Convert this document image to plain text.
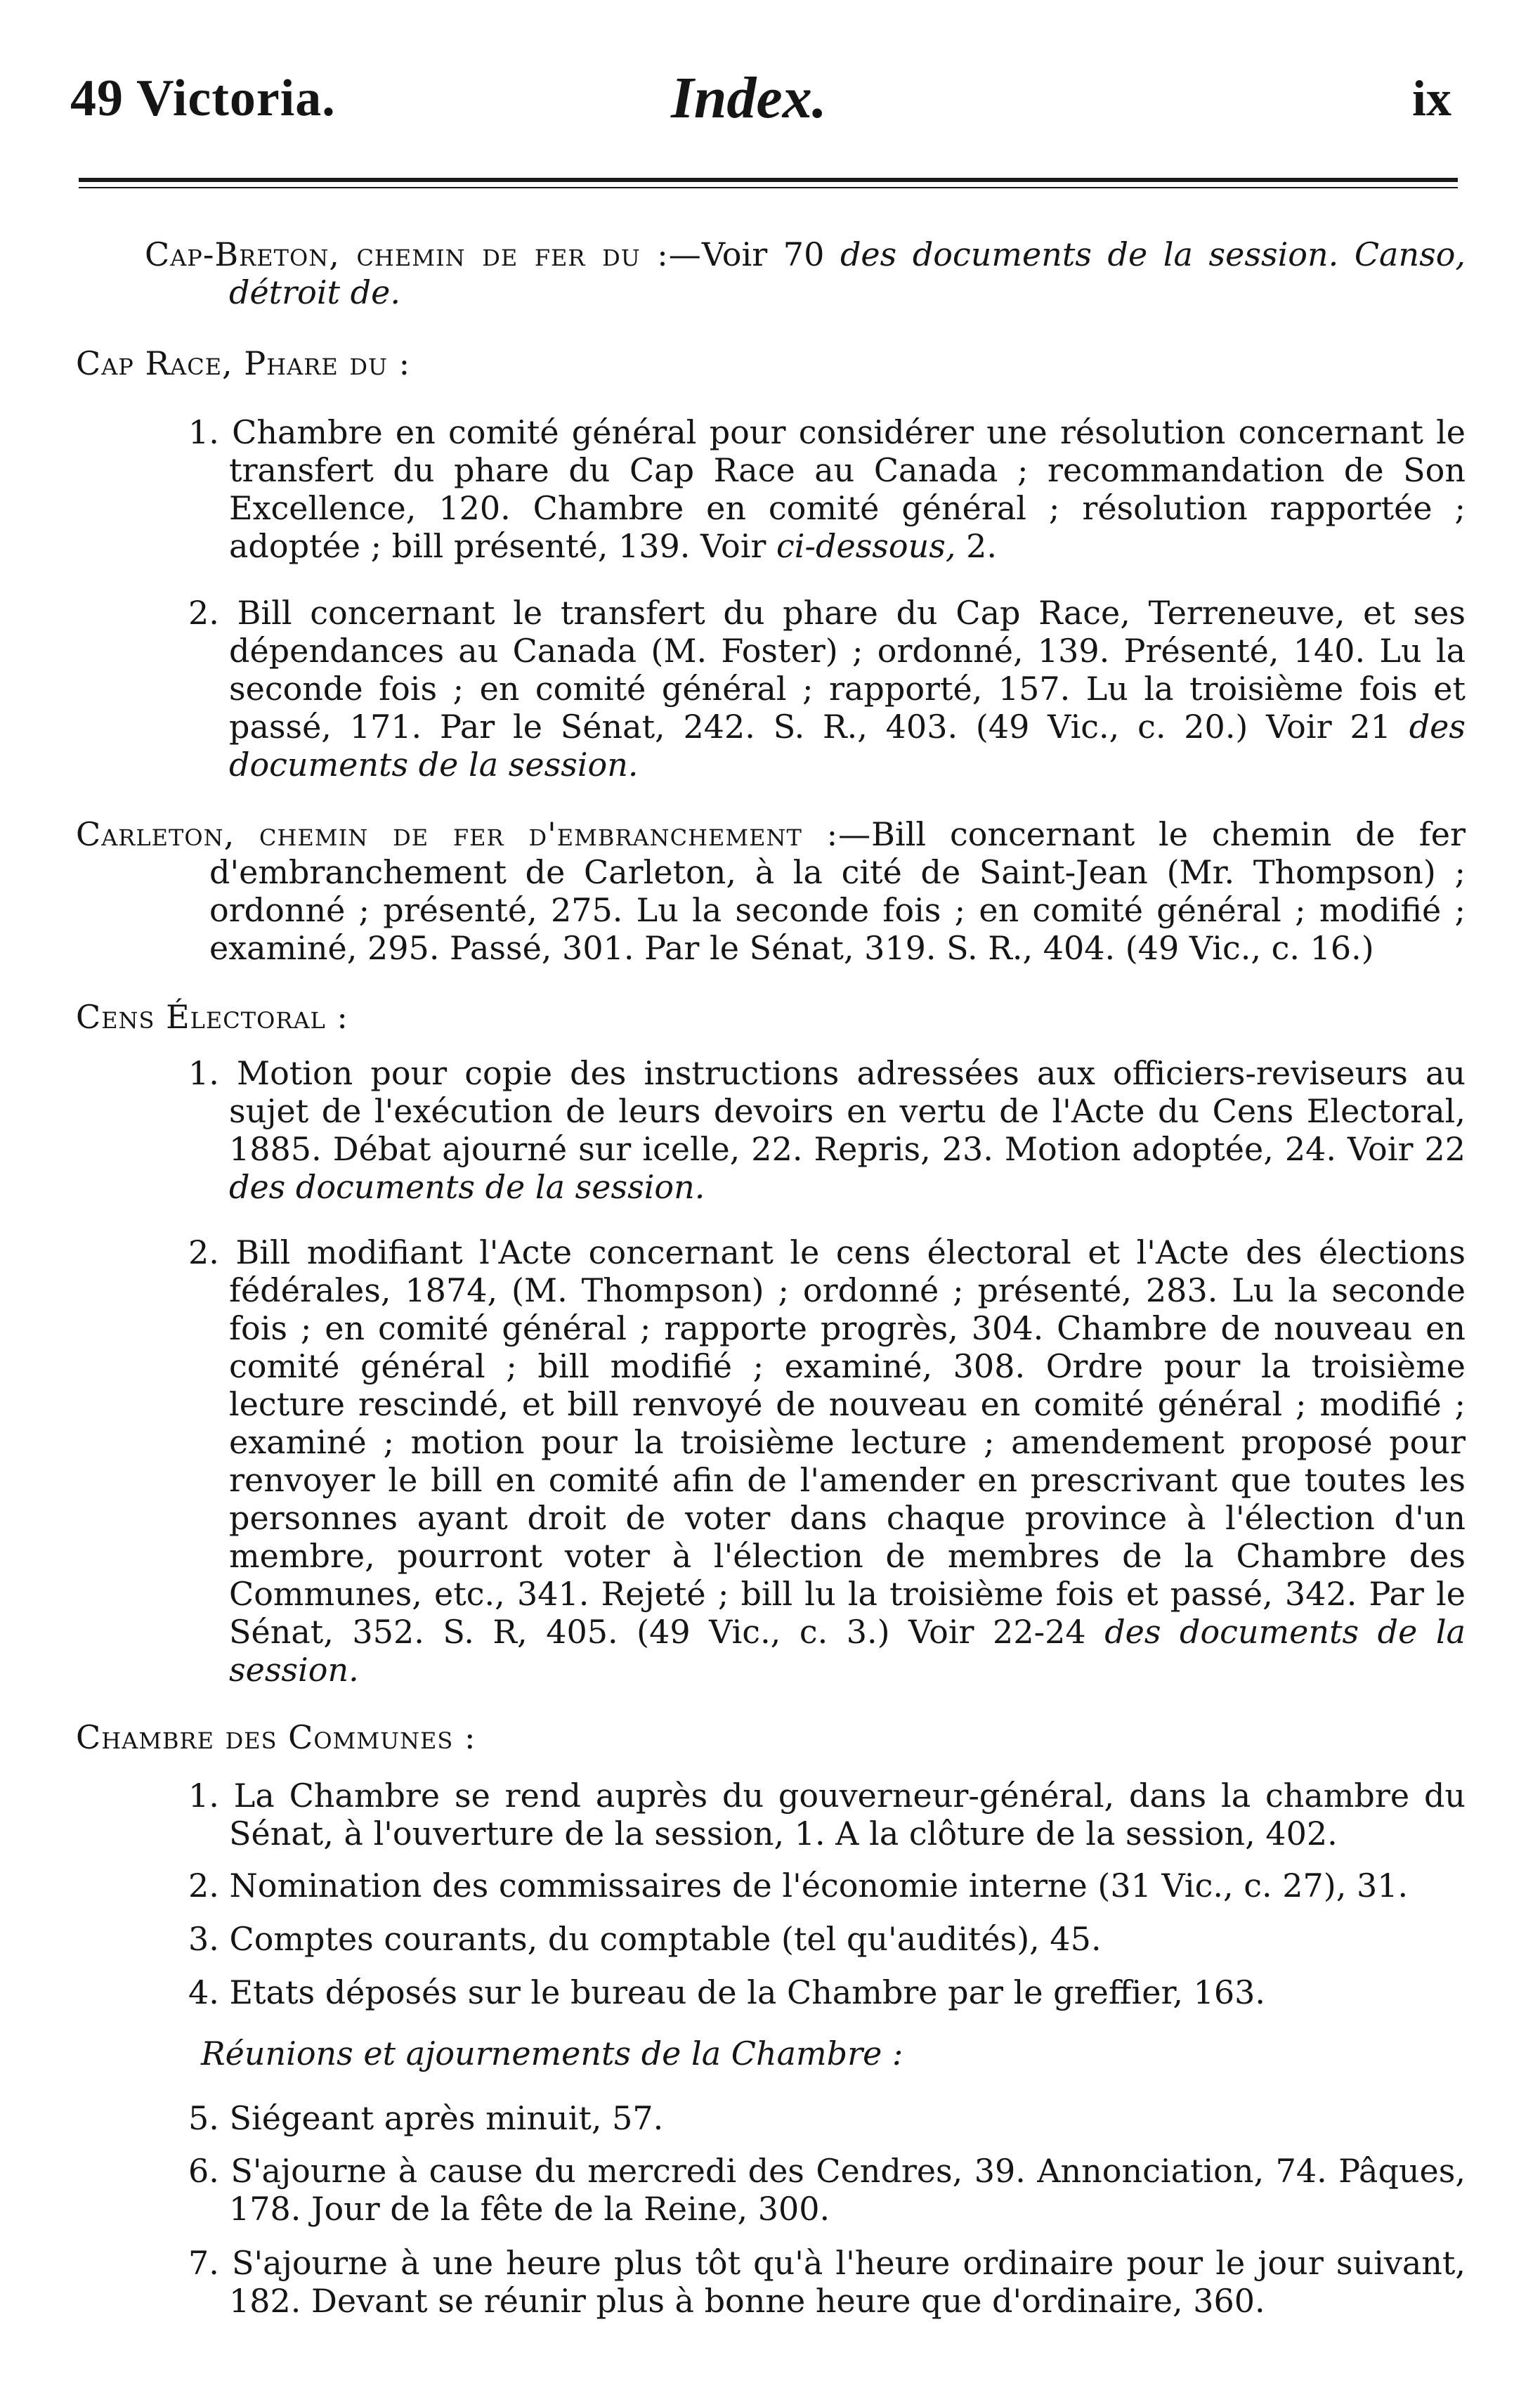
49 Victoria.	Index.	ix

Cap-Breton, chemin de fer du :—Voir 70 des documents de la session. Canso, détroit de.

Cap Race, Phare du :

1. Chambre en comité général pour considérer une résolution concernant le transfert du phare du Cap Race au Canada ; recommandation de Son Excellence, 120. Chambre en comité général ; résolution rapportée ; adoptée ; bill présenté, 139. Voir ci-dessous, 2.

2. Bill concernant le transfert du phare du Cap Race, Terreneuve, et ses dépendances au Canada (M. Foster) ; ordonné, 139. Présenté, 140. Lu la seconde fois ; en comité général ; rapporté, 157. Lu la troisième fois et passé, 171. Par le Sénat, 242. S. R., 403. (49 Vic., c. 20.) Voir 21 des documents de la session.

Carleton, chemin de fer d'embranchement :—Bill concernant le chemin de fer d'embranchement de Carleton, à la cité de Saint-Jean (Mr. Thompson) ; ordonné ; présenté, 275. Lu la seconde fois ; en comité général ; modifié ; examiné, 295. Passé, 301. Par le Sénat, 319. S. R., 404. (49 Vic., c. 16.)

Cens Électoral :

1. Motion pour copie des instructions adressées aux officiers-reviseurs au sujet de l'exécution de leurs devoirs en vertu de l'Acte du Cens Electoral, 1885. Débat ajourné sur icelle, 22. Repris, 23. Motion adoptée, 24. Voir 22 des documents de la session.

2. Bill modifiant l'Acte concernant le cens électoral et l'Acte des élections fédérales, 1874, (M. Thompson) ; ordonné ; présenté, 283. Lu la seconde fois ; en comité général ; rapporte progrès, 304. Chambre de nouveau en comité général ; bill modifié ; examiné, 308. Ordre pour la troisième lecture rescindé, et bill renvoyé de nouveau en comité général ; modifié ; examiné ; motion pour la troisième lecture ; amendement proposé pour renvoyer le bill en comité afin de l'amender en prescrivant que toutes les personnes ayant droit de voter dans chaque province à l'élection d'un membre, pourront voter à l'élection de membres de la Chambre des Communes, etc., 341. Rejeté ; bill lu la troisième fois et passé, 342. Par le Sénat, 352. S. R, 405. (49 Vic., c. 3.) Voir 22-24 des documents de la session.

Chambre des Communes :

1. La Chambre se rend auprès du gouverneur-général, dans la chambre du Sénat, à l'ouverture de la session, 1. A la clôture de la session, 402.

2. Nomination des commissaires de l'économie interne (31 Vic., c. 27), 31.

3. Comptes courants, du comptable (tel qu'audités), 45.

4. Etats déposés sur le bureau de la Chambre par le greffier, 163.

Réunions et ajournements de la Chambre :

5. Siégeant après minuit, 57.

6. S'ajourne à cause du mercredi des Cendres, 39. Annonciation, 74. Pâques, 178. Jour de la fête de la Reine, 300.

7. S'ajourne à une heure plus tôt qu'à l'heure ordinaire pour le jour suivant, 182. Devant se réunir plus à bonne heure que d'ordinaire, 360.
